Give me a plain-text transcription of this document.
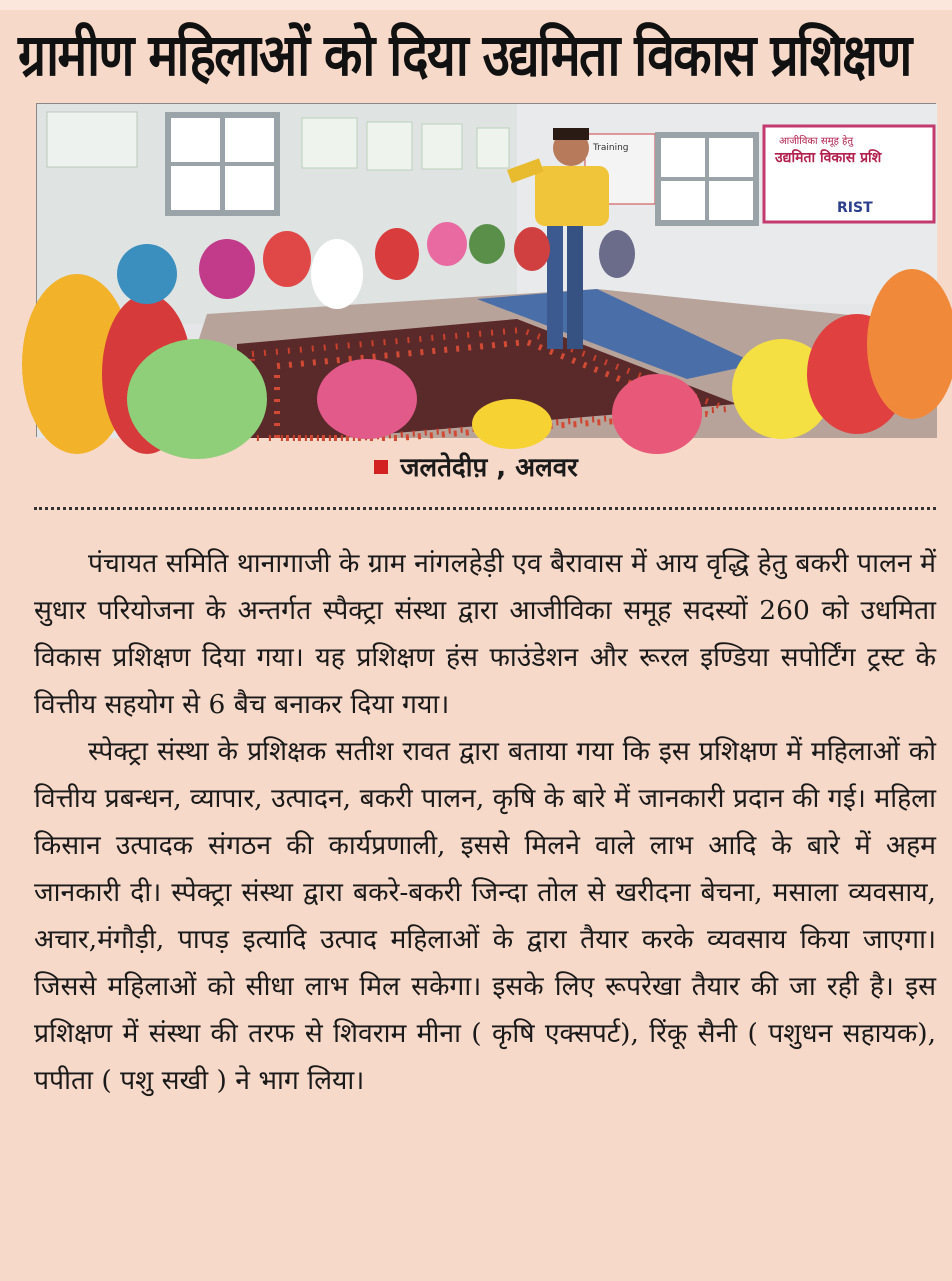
ग्रामीण महिलाओं को दिया उद्यमिता विकास प्रशिक्षण
Training
आजीविका समूह हेतु
उद्यमिता विकास प्रशि
RIST
जलतेदीप़ , अलवर

पंचायत समिति थानागाजी के ग्राम नांगलहेड़ी एव बैरावास में आय वृद्धि हेतु बकरी पालन में सुधार परियोजना के अन्तर्गत स्पैक्ट्रा संस्था द्वारा आजीविका समूह सदस्यों 260 को उधमिता विकास प्रशिक्षण दिया गया। यह प्रशिक्षण हंस फाउंडेशन और रूरल इण्डिया सपोर्टिंग ट्रस्ट के वित्तीय सहयोग से 6 बैच बनाकर दिया गया।

स्पेक्ट्रा संस्था के प्रशिक्षक सतीश रावत द्वारा बताया गया कि इस प्रशिक्षण में महिलाओं को वित्तीय प्रबन्धन, व्यापार, उत्पादन, बकरी पालन, कृषि के बारे में जानकारी प्रदान की गई। महिला किसान उत्पादक संगठन की कार्यप्रणाली, इससे मिलने वाले लाभ आदि के बारे में अहम जानकारी दी। स्पेक्ट्रा संस्था द्वारा बकरे-बकरी जिन्दा तोल से खरीदना बेचना, मसाला व्यवसाय, अचार,मंगौड़ी, पापड़ इत्यादि उत्पाद महिलाओं के द्वारा तैयार करके व्यवसाय किया जाएगा। जिससे महिलाओं को सीधा लाभ मिल सकेगा। इसके लिए रूपरेखा तैयार की जा रही है। इस प्रशिक्षण में संस्था की तरफ से शिवराम मीना ( कृषि एक्सपर्ट), रिंकू सैनी ( पशुधन सहायक), पपीता ( पशु सखी ) ने भाग लिया।
